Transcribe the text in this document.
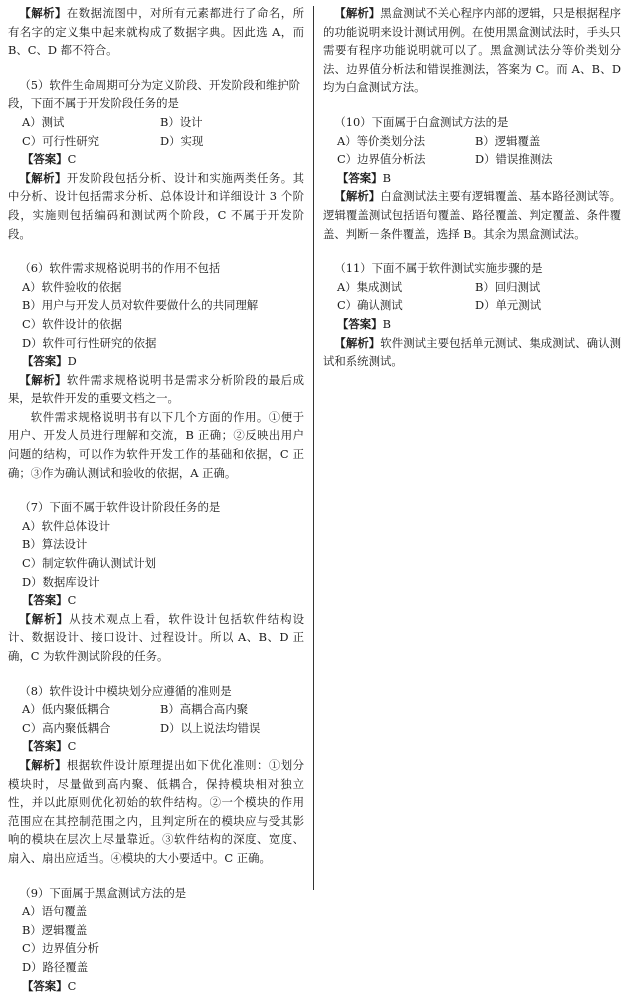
【解析】在数据流图中，对所有元素都进行了命名，所有名字的定义集中起来就构成了数据字典。因此选 A，而 B、C、D 都不符合。
（5）软件生命周期可分为定义阶段、开发阶段和维护阶段，下面不属于开发阶段任务的是
A）测试	B）设计
C）可行性研究	D）实现
【答案】C
【解析】开发阶段包括分析、设计和实施两类任务。其中分析、设计包括需求分析、总体设计和详细设计 3 个阶段，实施则包括编码和测试两个阶段，C 不属于开发阶段。
（6）软件需求规格说明书的作用不包括
A）软件验收的依据
B）用户与开发人员对软件要做什么的共同理解
C）软件设计的依据
D）软件可行性研究的依据
【答案】D
【解析】软件需求规格说明书是需求分析阶段的最后成果，是软件开发的重要文档之一。
软件需求规格说明书有以下几个方面的作用。①便于用户、开发人员进行理解和交流，B 正确；②反映出用户问题的结构，可以作为软件开发工作的基础和依据，C 正确；③作为确认测试和验收的依据，A 正确。
（7）下面不属于软件设计阶段任务的是
A）软件总体设计
B）算法设计
C）制定软件确认测试计划
D）数据库设计
【答案】C
【解析】从技术观点上看，软件设计包括软件结构设计、数据设计、接口设计、过程设计。所以 A、B、D 正确，C 为软件测试阶段的任务。
（8）软件设计中模块划分应遵循的准则是
A）低内聚低耦合	B）高耦合高内聚
C）高内聚低耦合	D）以上说法均错误
【答案】C
【解析】根据软件设计原理提出如下优化准则：①划分模块时，尽量做到高内聚、低耦合，保持模块相对独立性，并以此原则优化初始的软件结构。②一个模块的作用范围应在其控制范围之内，且判定所在的模块应与受其影响的模块在层次上尽量靠近。③软件结构的深度、宽度、扇入、扇出应适当。④模块的大小要适中。C 正确。
（9）下面属于黑盒测试方法的是
A）语句覆盖
B）逻辑覆盖
C）边界值分析
D）路径覆盖
【答案】C
【解析】黑盒测试不关心程序内部的逻辑，只是根据程序的功能说明来设计测试用例。在使用黑盒测试法时，手头只需要有程序功能说明就可以了。黑盒测试法分等价类划分法、边界值分析法和错误推测法，答案为 C。而 A、B、D 均为白盒测试方法。
（10）下面属于白盒测试方法的是
A）等价类划分法	B）逻辑覆盖
C）边界值分析法	D）错误推测法
【答案】B
【解析】白盒测试法主要有逻辑覆盖、基本路径测试等。逻辑覆盖测试包括语句覆盖、路径覆盖、判定覆盖、条件覆盖、判断－条件覆盖，选择 B。其余为黑盒测试法。
（11）下面不属于软件测试实施步骤的是
A）集成测试	B）回归测试
C）确认测试	D）单元测试
【答案】B
【解析】软件测试主要包括单元测试、集成测试、确认测试和系统测试。
